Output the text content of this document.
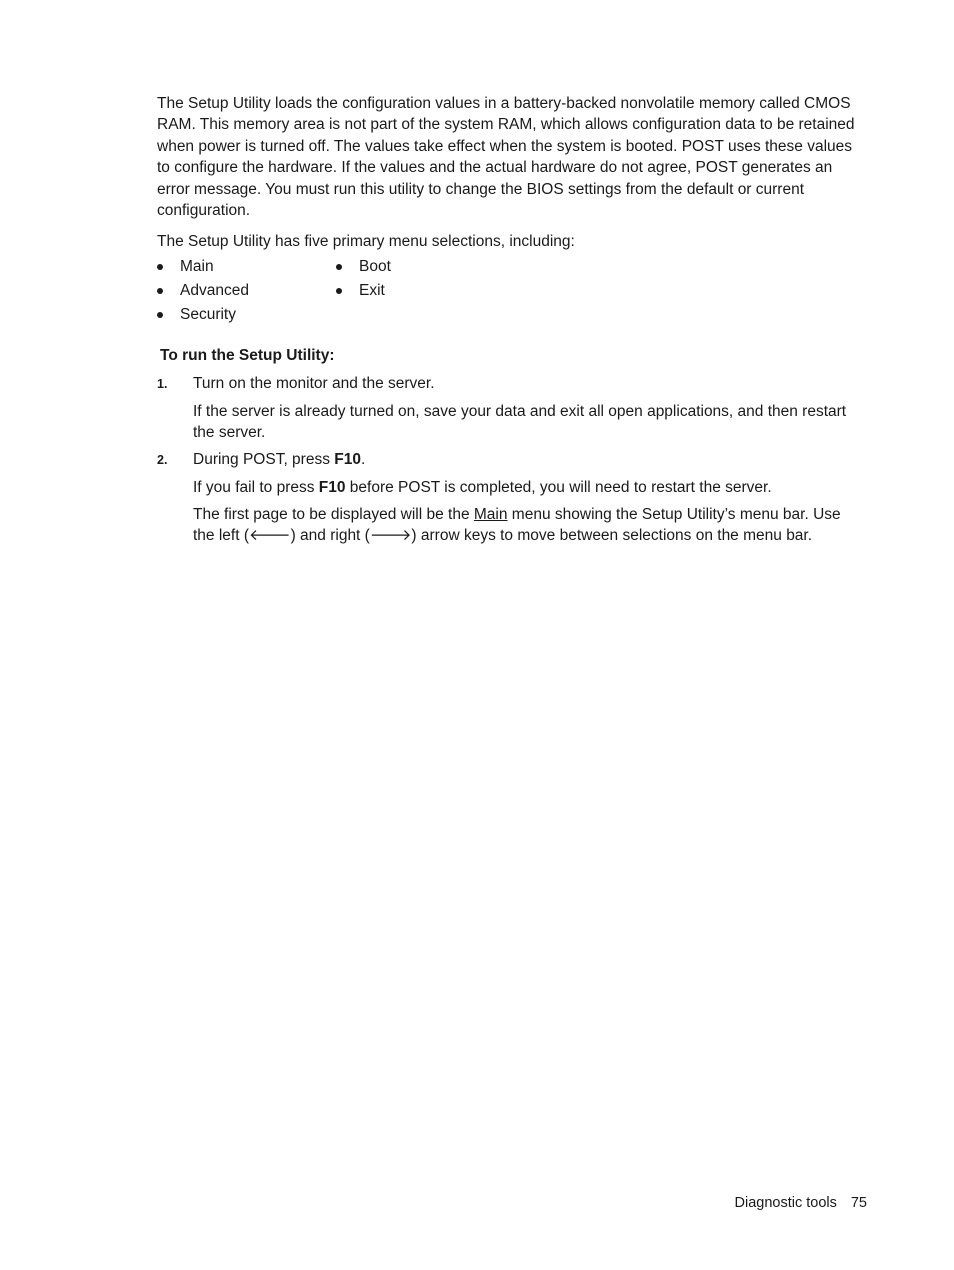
The Setup Utility loads the configuration values in a battery-backed nonvolatile memory called CMOS RAM. This memory area is not part of the system RAM, which allows configuration data to be retained when power is turned off. The values take effect when the system is booted. POST uses these values to configure the hardware. If the values and the actual hardware do not agree, POST generates an error message. You must run this utility to change the BIOS settings from the default or current configuration.

The Setup Utility has five primary menu selections, including:

Main	Boot
Advanced	Exit
Security
To run the Setup Utility:
1. Turn on the monitor and the server.

If the server is already turned on, save your data and exit all open applications, and then restart the server.

2. During POST, press F10.

If you fail to press F10 before POST is completed, you will need to restart the server.

The first page to be displayed will be the Main menu showing the Setup Utility’s menu bar. Use the left (🡐) and right (🡒) arrow keys to move between selections on the menu bar.

Diagnostic tools 75
